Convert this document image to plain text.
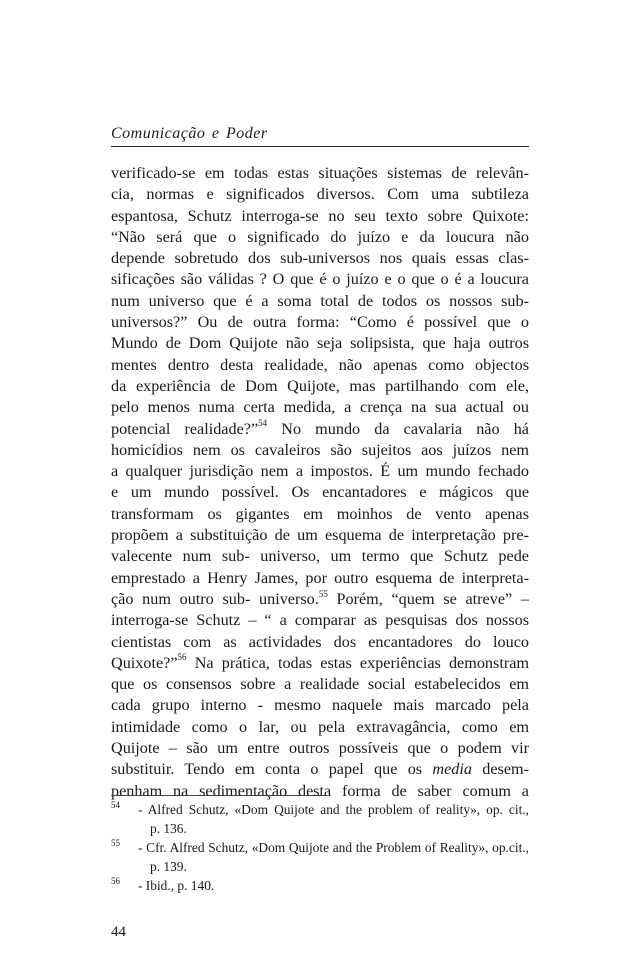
Comunicação e Poder
verificado-se em todas estas situações sistemas de relevân-
cia, normas e significados diversos. Com uma subtileza
espantosa, Schutz interroga-se no seu texto sobre Quixote:
“Não será que o significado do juízo e da loucura não
depende sobretudo dos sub-universos nos quais essas clas-
sificações são válidas ? O que é o juízo e o que o é a loucura
num universo que é a soma total de todos os nossos sub-
universos?” Ou de outra forma: “Como é possível que o
Mundo de Dom Quijote não seja solipsista, que haja outros
mentes dentro desta realidade, não apenas como objectos
da experiência de Dom Quijote, mas partilhando com ele,
pelo menos numa certa medida, a crença na sua actual ou
potencial realidade?”$^{54}$ No mundo da cavalaria não há
homicídios nem os cavaleiros são sujeitos aos juízos nem
a qualquer jurisdição nem a impostos. É um mundo fechado
e um mundo possível. Os encantadores e mágicos que
transformam os gigantes em moinhos de vento apenas
propõem a substituição de um esquema de interpretação pre-
valecente num sub- universo, um termo que Schutz pede
emprestado a Henry James, por outro esquema de interpreta-
ção num outro sub- universo.$^{55}$ Porém, “quem se atreve” –
interroga-se Schutz – “ a comparar as pesquisas dos nossos
cientistas com as actividades dos encantadores do louco
Quixote?”$^{56}$ Na prática, todas estas experiências demonstram
que os consensos sobre a realidade social estabelecidos em
cada grupo interno - mesmo naquele mais marcado pela
intimidade como o lar, ou pela extravagância, como em
Quijote – são um entre outros possíveis que o podem vir
substituir. Tendo em conta o papel que os media desem-
penham na sedimentação desta forma de saber comum a
54 - Alfred Schutz, «Dom Quijote and the problem of reality», op. cit.,
p. 136.
55 - Cfr. Alfred Schutz, «Dom Quijote and the Problem of Reality», op.cit.,
p. 139.
56 - Ibid., p. 140.
44
